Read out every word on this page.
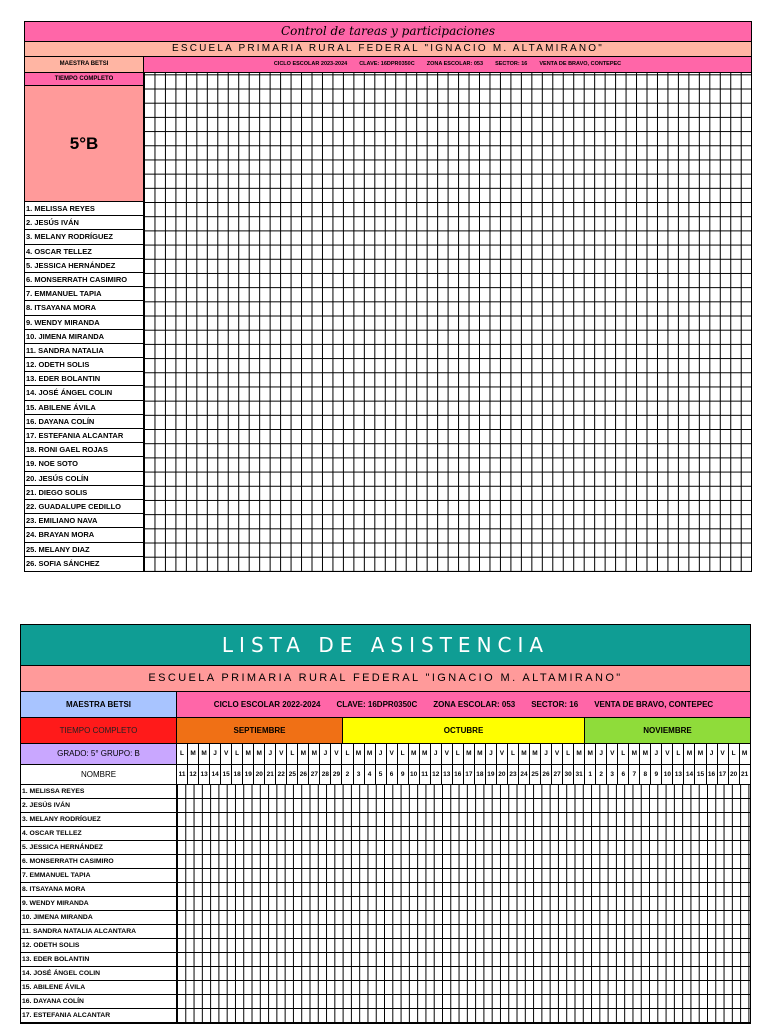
Control de tareas y participaciones
ESCUELA PRIMARIA RURAL FEDERAL "IGNACIO M. ALTAMIRANO"
MAESTRA BETSI	CICLO ESCOLAR 2023-2024 CLAVE: 16DPR0350C ZONA ESCOLAR: 053 SECTOR: 16 VENTA DE BRAVO, CONTEPEC
TIEMPO COMPLETO
5°B
1. MELISSA REYES
2. JESÚS IVÁN
3. MELANY RODRÍGUEZ
4. OSCAR TELLEZ
5. JESSICA HERNÁNDEZ
6. MONSERRATH CASIMIRO
7. EMMANUEL TAPIA
8. ITSAYANA MORA
9. WENDY MIRANDA
10. JIMENA MIRANDA
11. SANDRA NATALIA
12. ODETH SOLIS
13. EDER BOLANTIN
14. JOSÉ ÁNGEL COLIN
15. ABILENE ÁVILA
16. DAYANA COLÍN
17. ESTEFANIA ALCANTAR
18. RONI GAEL ROJAS
19. NOE SOTO
20. JESÚS COLÍN
21. DIEGO SOLIS
22. GUADALUPE CEDILLO
23. EMILIANO NAVA
24. BRAYAN MORA
25. MELANY DIAZ
26. SOFIA SÁNCHEZ
LISTA DE ASISTENCIA
ESCUELA PRIMARIA RURAL FEDERAL "IGNACIO M. ALTAMIRANO"
MAESTRA BETSI	CICLO ESCOLAR 2022-2024 CLAVE: 16DPR0350C ZONA ESCOLAR: 053 SECTOR: 16 VENTA DE BRAVO, CONTEPEC
TIEMPO COMPLETO	SEPTIEMBRE	OCTUBRE	NOVIEMBRE
GRADO: 5° GRUPO: B	L M M	J	V	L M M	J	V	L M M	J	V	L M M	J	V	L M M	J	V	L M M	J	V	L M M	J	V	L M M	J	V	L M M	J	V	L M M	J	V	L M
NOMBRE	11 12 13 14 15 18 19 20 21 22 25 26 27 28 29 2	3	4	5	6	9 10 11 12 13 16 17 18 19 20 23 24 25 26 27 30 31 1	2	3	6	7	8	9 10 13 14 15 16 17 20 21
1. MELISSA REYES
2. JESÚS IVÁN
3. MELANY RODRÍGUEZ
4. OSCAR TELLEZ
5. JESSICA HERNÁNDEZ
6. MONSERRATH CASIMIRO
7. EMMANUEL TAPIA
8. ITSAYANA MORA
9. WENDY MIRANDA
10. JIMENA MIRANDA
11. SANDRA NATALIA ALCANTARA
12. ODETH SOLIS
13. EDER BOLANTIN
14. JOSÉ ÁNGEL COLIN
15. ABILENE ÁVILA
16. DAYANA COLÍN
17. ESTEFANIA ALCANTAR
